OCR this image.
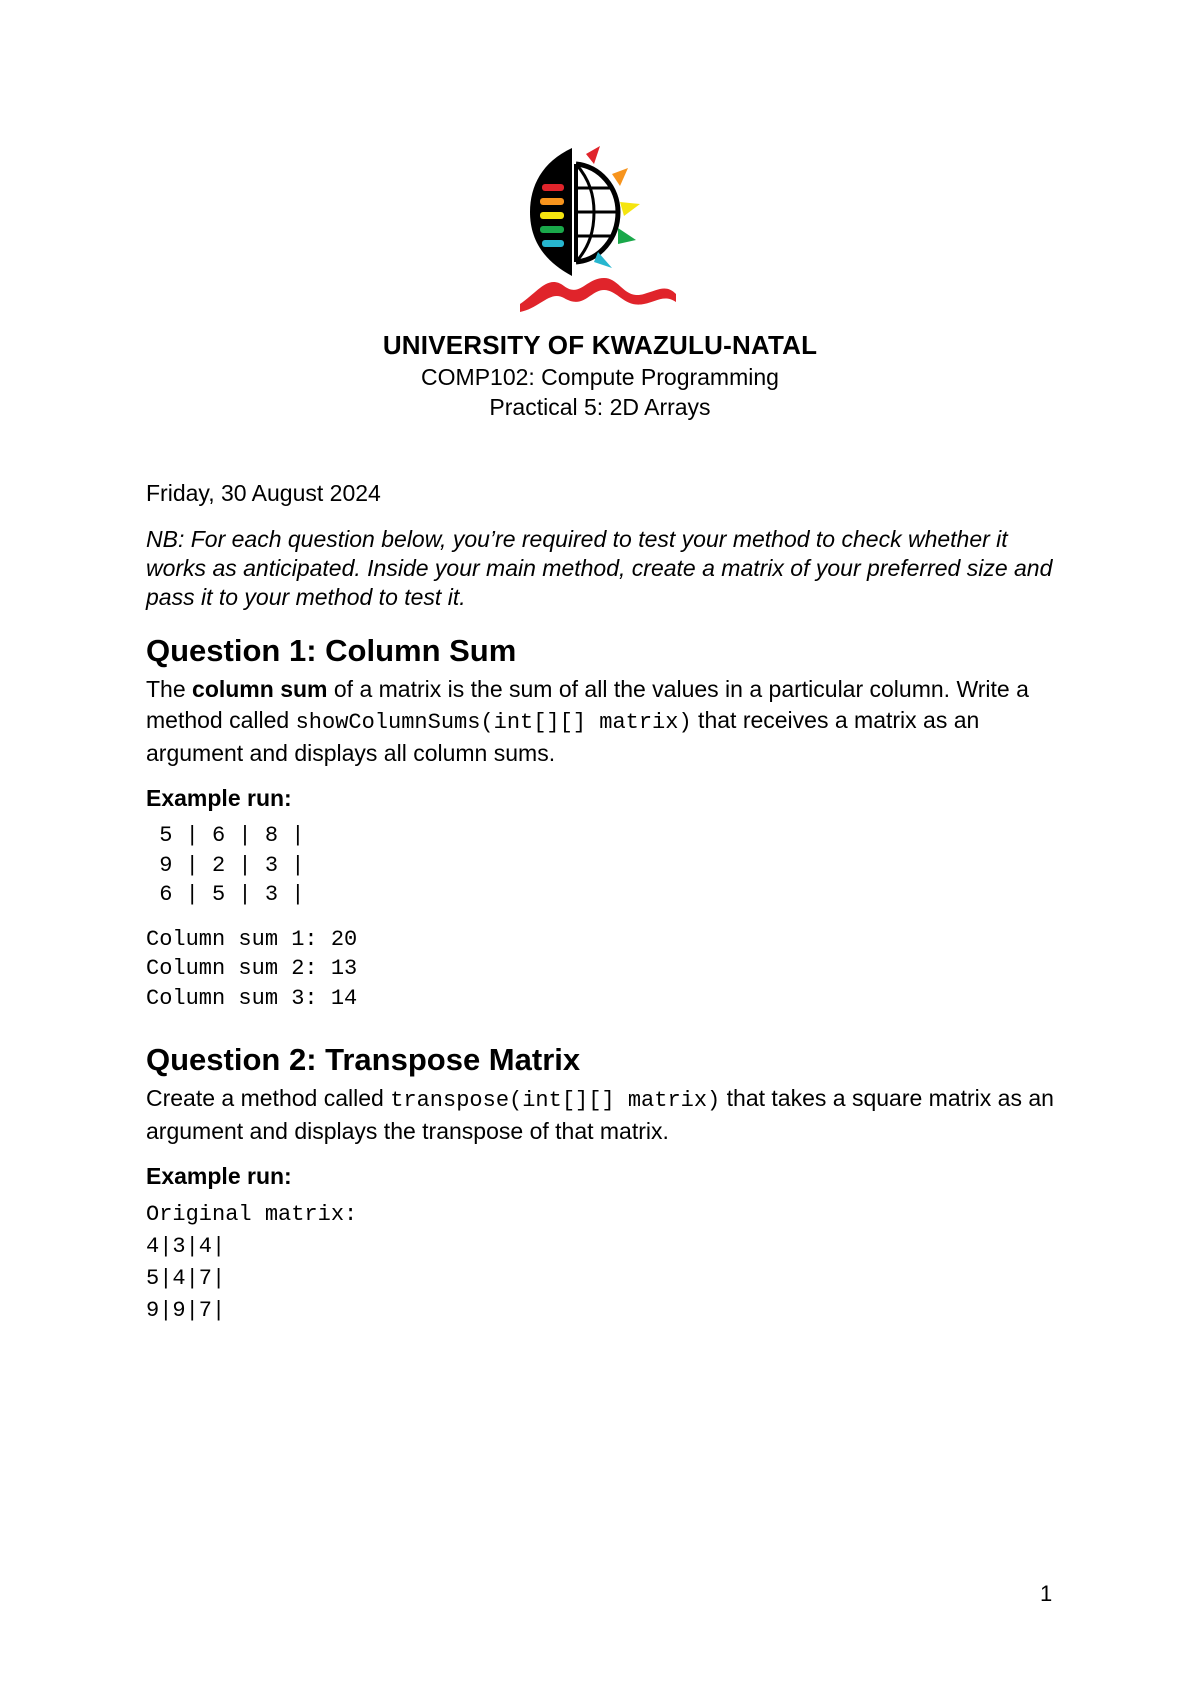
UNIVERSITY OF KWAZULU-NATAL
COMP102: Compute Programming
Practical 5: 2D Arrays
Friday, 30 August 2024
NB: For each question below, you’re required to test your method to check whether it works as anticipated. Inside your main method, create a matrix of your preferred size and pass it to your method to test it.
Question 1: Column Sum
The column sum of a matrix is the sum of all the values in a particular column. Write a method called showColumnSums(int[][] matrix) that receives a matrix as an argument and displays all column sums.
Example run:
5 | 6 | 8 |
9 | 2 | 3 |
6 | 5 | 3 |
Column sum 1: 20
Column sum 2: 13
Column sum 3: 14
Question 2: Transpose Matrix
Create a method called transpose(int[][] matrix) that takes a square matrix as an argument and displays the transpose of that matrix.
Example run:
Original matrix:
4|3|4|
5|4|7|
9|9|7|
1
